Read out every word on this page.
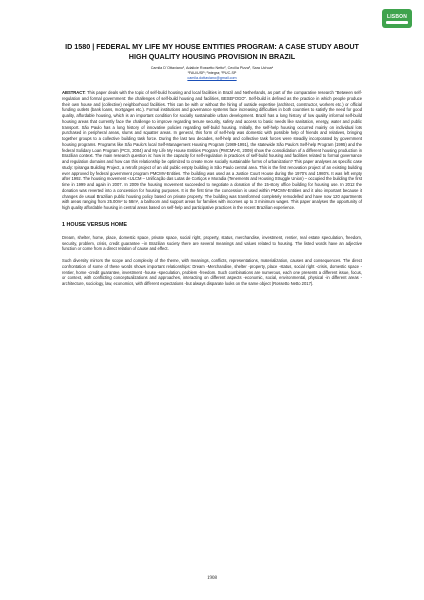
LISBON
ID 1580 | FEDERAL MY LIFE MY HOUSE ENTITIES PROGRAM: A CASE STUDY ABOUT HIGH QUALITY HOUSING PROVISION IN BRAZIL
Camila D´Ottaviano¹, Adalicie Rossetto Netto², Cecília Pizza³, Sara Uchoa⁴
¹FAU/USP; ²integra; ³PUC-SP
camila.dottaviano@gmail.com

ABSTRACT: This paper deals with the topic of self-build housing and local facilities in Brazil and Netherlands, as part of the comparative research "Between self-regulation and formal government: the challenges of self-build housing and facilities, BESEFOGO". Self-build is defined as the practice in which people produce their own house and (collective) neighborhood facilities. This can be with or without the hiring of outside expertise (architect, constructor, workers etc.) or official funding outlets (bank loans, mortgages etc.). Formal institutions and governance systems face increasing difficulties in both countries to satisfy the need for good quality, affordable housing, which is an important condition for socially sustainable urban development. Brazil has a long history of low quality informal self-build housing areas that currently face the challenge to improve regarding tenure security, safety and access to basic needs like sanitation, energy, water and public transport. São Paulo has a long history of innovative policies regarding self-build housing. Initially, the self-help housing occurred mainly on individual lots purchased in peripheral areas, slums and squatter areas. In general, this form of self-help was domestic with possible help of friends and relatives, bringing together groups to a collective building task force. During the last two decades, self-help and collective task forces were steadily incorporated by government housing programs. Programs like São Paulo's local Self-Management Housing Program (1989-1991), the statewide São Paulo's Self-help Program (1995) and the federal Solidary Loan Program (PCS, 2004) and My Life My House Entities Program (PMCMV-E, 2009) show the consolidation of a different housing production in Brazilian context. The main research question is: how is the capacity for self-regulation in practices of self-build housing and facilities related to formal governance and regulation domains and how can this relationship be optimized to create more socially sustainable forms of urbanization? This paper analyses as specific case study: Ipiranga Building Project, a retrofit project of an old public empty building in São Paulo central area. This is the first renovation project of an existing building ever approved by federal government program PMCMV-Entities. The building was used as a Justice Court House during the 1970's and 1980's. It was left empty after 1992. The housing movement «ULCM – Unificação das Lutas de Cortiços e Moradia (Tenements and Housing Struggle Union) – occupied the building the first time in 1999 and again in 2007. In 2009 the housing movement succeeded to negotiate a donation of the 15-story office building for housing use. In 2012 the donation was reverted into a concession for housing purposes. It is the first time the concession is used within PMCMV-Entities and it also important because it changes de usual Brazilian public housing policy based on private property. The building was transformed completely remodelled and have now 120 apartments with areas ranging from 25.00m² to 58m², a ballroom and support areas for families with incomes up to 3 minimum wages. This paper analyses the opportunity of high quality affordable housing in central areas based on self-help and participative practices in the recent Brazilian experience.

1 HOUSE VERSUS HOME

Dream, shelter, home, place, domestic space, private space, social right, property, status, merchandise, investment, rentier, real estate speculation, freedom, security, problem, crisis, credit guarantee −in Brazilian society there are several meanings and values related to housing. The listed words have an adjective function or come from a direct relation of cause and effect.

Such diversity mirrors the scope and complexity of the theme, with meanings, conflicts, representations, materialization, causes and consequences. The direct confrontation of some of these words shows important relationships: Dream -Merchandise, shelter -property, place -status, social right -crisis, domestic space -rentier, home -credit guarantee, investment -house -speculation, problem -freedom. Such combinations are numerous, each one presents a different issue, focus, or context, with conflicting conceptualizations and approaches, interacting on different aspects -economic, social, environmental, physical -in different areas -architecture, sociology, law, economics, with different expectations -but always disparate looks on the same object (Rossetto Netto 2017).

1908
